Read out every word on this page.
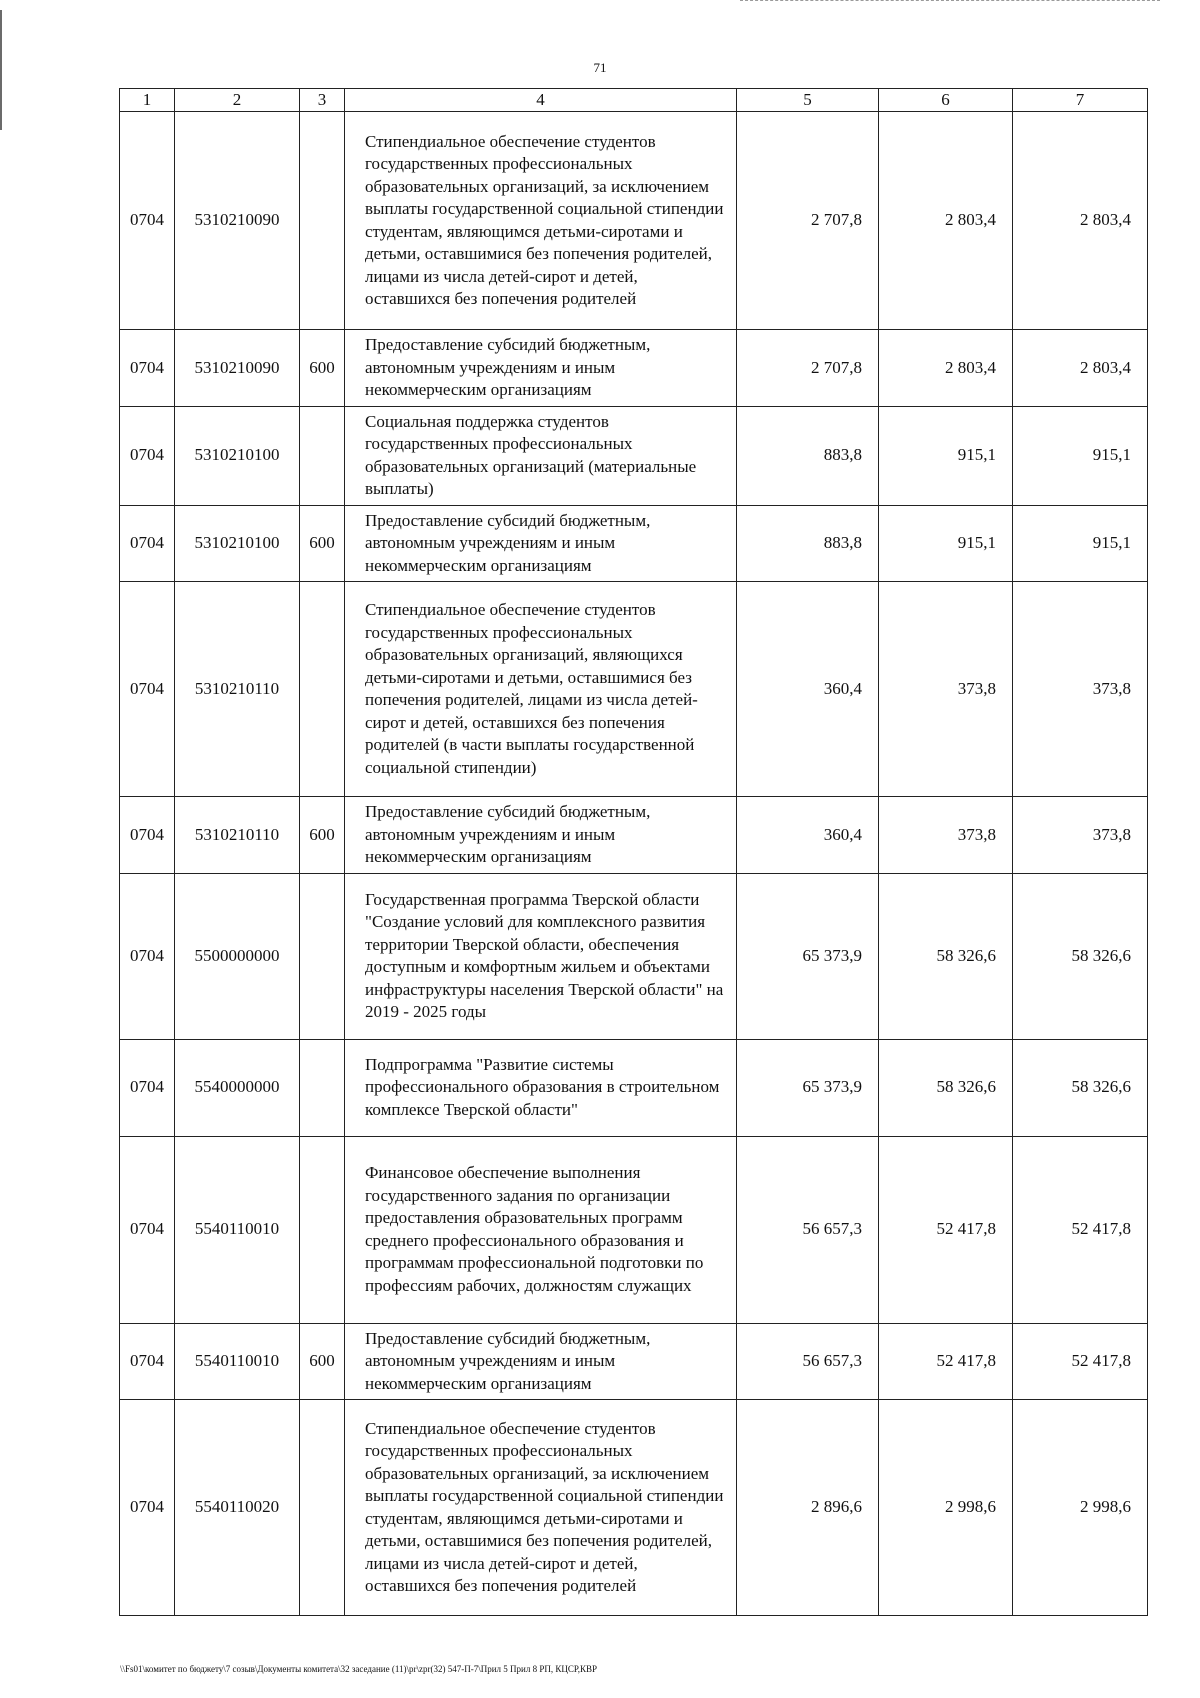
71
1	2	3	4	5	6	7
0704	5310210090		Стипендиальное обеспечение студентов государственных профессиональных образовательных организаций, за исключением выплаты государственной социальной стипендии студентам, являющимся детьми-сиротами и детьми, оставшимися без попечения родителей, лицами из числа детей-сирот и детей, оставшихся без попечения родителей	2 707,8	2 803,4	2 803,4
0704	5310210090	600	Предоставление субсидий бюджетным, автономным учреждениям и иным некоммерческим организациям	2 707,8	2 803,4	2 803,4
0704	5310210100		Социальная поддержка студентов государственных профессиональных образовательных организаций (материальные выплаты)	883,8	915,1	915,1
0704	5310210100	600	Предоставление субсидий бюджетным, автономным учреждениям и иным некоммерческим организациям	883,8	915,1	915,1
0704	5310210110		Стипендиальное обеспечение студентов государственных профессиональных образовательных организаций, являющихся детьми-сиротами и детьми, оставшимися без попечения родителей, лицами из числа детей-сирот и детей, оставшихся без попечения родителей (в части выплаты государственной социальной стипендии)	360,4	373,8	373,8
0704	5310210110	600	Предоставление субсидий бюджетным, автономным учреждениям и иным некоммерческим организациям	360,4	373,8	373,8
0704	5500000000		Государственная программа Тверской области "Создание условий для комплексного развития территории Тверской области, обеспечения доступным и комфортным жильем и объектами инфраструктуры населения Тверской области" на 2019 - 2025 годы	65 373,9	58 326,6	58 326,6
0704	5540000000		Подпрограмма "Развитие системы профессионального образования в строительном комплексе Тверской области"	65 373,9	58 326,6	58 326,6
0704	5540110010		Финансовое обеспечение выполнения государственного задания по организации предоставления образовательных программ среднего профессионального образования и программам профессиональной подготовки по профессиям рабочих, должностям служащих	56 657,3	52 417,8	52 417,8
0704	5540110010	600	Предоставление субсидий бюджетным, автономным учреждениям и иным некоммерческим организациям	56 657,3	52 417,8	52 417,8
0704	5540110020		Стипендиальное обеспечение студентов государственных профессиональных образовательных организаций, за исключением выплаты государственной социальной стипендии студентам, являющимся детьми-сиротами и детьми, оставшимися без попечения родителей, лицами из числа детей-сирот и детей, оставшихся без попечения родителей	2 896,6	2 998,6	2 998,6
\\Fs01\комитет по бюджету\7 созыв\Документы комитета\32 заседание (11)\pr\zpr(32) 547-П-7\Прил 5 Прил 8 РП, КЦСР,КВР
